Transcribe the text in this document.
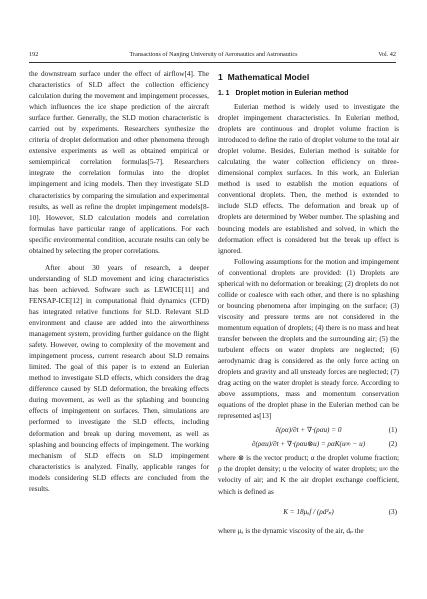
192	Transactions of Nanjing University of Aeronautics and Astronautics	Vol. 42
the downstream surface under the effect of airflow[4]. The characteristics of SLD affect the collection efficiency calculation during the movement and impingement processes, which influences the ice shape prediction of the aircraft surface further. Generally, the SLD motion characteristic is carried out by experiments. Researchers synthesize the criteria of droplet deformation and other phenomena through extensive experiments as well as obtained empirical or semiempirical correlation formulas[5-7]. Researchers integrate the correlation formulas into the droplet impingement and icing models. Then they investigate SLD characteristics by comparing the simulation and experimental results, as well as refine the droplet impingement models[8-10]. However, SLD calculation models and correlation formulas have particular range of applications. For each specific environmental condition, accurate results can only be obtained by selecting the proper correlations.
After about 30 years of research, a deeper understanding of SLD movement and icing characteristics has been achieved. Software such as LEWICE[11] and FENSAP-ICE[12] in computational fluid dynamics (CFD) has integrated relative functions for SLD. Relevant SLD environment and clause are added into the airworthiness management system, providing further guidance on the flight safety. However, owing to complexity of the movement and impingement process, current research about SLD remains limited. The goal of this paper is to extend an Eulerian method to investigate SLD effects, which considers the drag difference caused by SLD deformation, the breaking effects during movement, as well as the splashing and bouncing effects of impingement on surfaces. Then, simulations are performed to investigate the SLD effects, including deformation and break up during movement, as well as splashing and bouncing effects of impingement. The working mechanism of SLD effects on SLD impingement characteristics is analyzed. Finally, applicable ranges for models considering SLD effects are concluded from the results.
1 Mathematical Model
1. 1 Droplet motion in Eulerian method
Eulerian method is widely used to investigate the droplet impingement characteristics. In Eulerian method, droplets are continuous and droplet volume fraction is introduced to define the ratio of droplet volume to the total air droplet volume. Besides, Eulerian method is suitable for calculating the water collection efficiency on three-dimensional complex surfaces. In this work, an Eulerian method is used to establish the motion equations of conventional droplets. Then, the method is extended to include SLD effects. The deformation and break up of droplets are determined by Weber number. The splashing and bouncing models are established and solved, in which the deformation effect is considered but the break up effect is ignored.
Following assumptions for the motion and impingement of conventional droplets are provided: (1) Droplets are spherical with no deformation or breaking; (2) droplets do not collide or coalesce with each other, and there is no splashing or bouncing phenomena after impinging on the surface; (3) viscosity and pressure terms are not considered in the momentum equation of droplets; (4) there is no mass and heat transfer between the droplets and the surrounding air; (5) the turbulent effects on water droplets are neglected; (6) aerodynamic drag is considered as the only force acting on droplets and gravity and all unsteady forces are neglected; (7) drag acting on the water droplet is steady force. According to above assumptions, mass and momentum conservation equations of the droplet phase in the Eulerian method can be represented as[13]
∂(ρα)/∂t + ∇·(ραu) = 0	(1)
∂(ραu)/∂t + ∇·(ραu⊗u) = ραK(u∞ − u)	(2)
where ⊗ is the vector product; α the droplet volume fraction; ρ the droplet density; u the velocity of water droplets; u∞ the velocity of air; and K the air droplet exchange coefficient, which is defined as
K = 18μₐf / (ρd²ₚ)	(3)
where μₐ is the dynamic viscosity of the air, dₚ the
